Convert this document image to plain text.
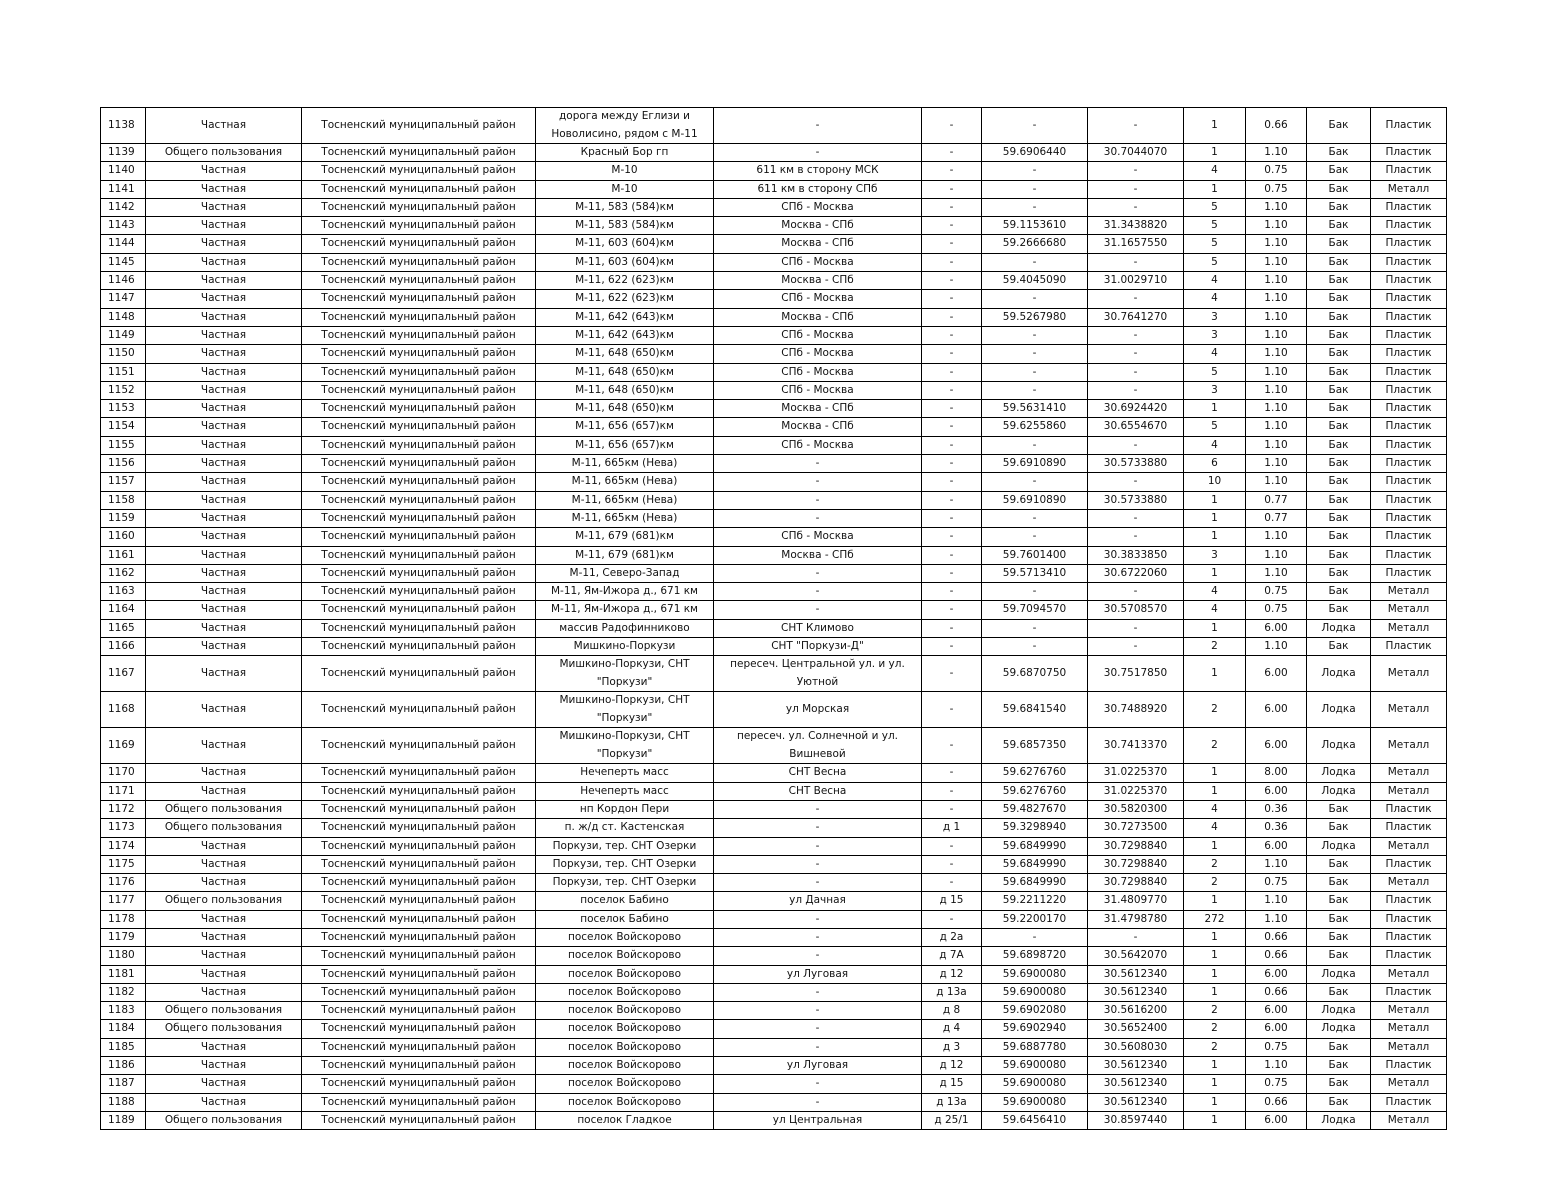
1138	Частная	Тосненский муниципальный район	дорога между Еглизи и Новолисино, рядом с М-11	-	-	-	-	1	0.66	Бак	Пластик
1139	Общего пользования	Тосненский муниципальный район	Красный Бор гп	-	-	59.6906440	30.7044070	1	1.10	Бак	Пластик
1140	Частная	Тосненский муниципальный район	М-10	611 км в сторону МСК	-	-	-	4	0.75	Бак	Пластик
1141	Частная	Тосненский муниципальный район	М-10	611 км в сторону СПб	-	-	-	1	0.75	Бак	Металл
1142	Частная	Тосненский муниципальный район	М-11, 583 (584)км	СПб - Москва	-	-	-	5	1.10	Бак	Пластик
1143	Частная	Тосненский муниципальный район	М-11, 583 (584)км	Москва - СПб	-	59.1153610	31.3438820	5	1.10	Бак	Пластик
1144	Частная	Тосненский муниципальный район	М-11, 603 (604)км	Москва - СПб	-	59.2666680	31.1657550	5	1.10	Бак	Пластик
1145	Частная	Тосненский муниципальный район	М-11, 603 (604)км	СПб - Москва	-	-	-	5	1.10	Бак	Пластик
1146	Частная	Тосненский муниципальный район	М-11, 622 (623)км	Москва - СПб	-	59.4045090	31.0029710	4	1.10	Бак	Пластик
1147	Частная	Тосненский муниципальный район	М-11, 622 (623)км	СПб - Москва	-	-	-	4	1.10	Бак	Пластик
1148	Частная	Тосненский муниципальный район	М-11, 642 (643)км	Москва - СПб	-	59.5267980	30.7641270	3	1.10	Бак	Пластик
1149	Частная	Тосненский муниципальный район	М-11, 642 (643)км	СПб - Москва	-	-	-	3	1.10	Бак	Пластик
1150	Частная	Тосненский муниципальный район	М-11, 648 (650)км	СПб - Москва	-	-	-	4	1.10	Бак	Пластик
1151	Частная	Тосненский муниципальный район	М-11, 648 (650)км	СПб - Москва	-	-	-	5	1.10	Бак	Пластик
1152	Частная	Тосненский муниципальный район	М-11, 648 (650)км	СПб - Москва	-	-	-	3	1.10	Бак	Пластик
1153	Частная	Тосненский муниципальный район	М-11, 648 (650)км	Москва - СПб	-	59.5631410	30.6924420	1	1.10	Бак	Пластик
1154	Частная	Тосненский муниципальный район	М-11, 656 (657)км	Москва - СПб	-	59.6255860	30.6554670	5	1.10	Бак	Пластик
1155	Частная	Тосненский муниципальный район	М-11, 656 (657)км	СПб - Москва	-	-	-	4	1.10	Бак	Пластик
1156	Частная	Тосненский муниципальный район	М-11, 665км (Нева)	-	-	59.6910890	30.5733880	6	1.10	Бак	Пластик
1157	Частная	Тосненский муниципальный район	М-11, 665км (Нева)	-	-	-	-	10	1.10	Бак	Пластик
1158	Частная	Тосненский муниципальный район	М-11, 665км (Нева)	-	-	59.6910890	30.5733880	1	0.77	Бак	Пластик
1159	Частная	Тосненский муниципальный район	М-11, 665км (Нева)	-	-	-	-	1	0.77	Бак	Пластик
1160	Частная	Тосненский муниципальный район	М-11, 679 (681)км	СПб - Москва	-	-	-	1	1.10	Бак	Пластик
1161	Частная	Тосненский муниципальный район	М-11, 679 (681)км	Москва - СПб	-	59.7601400	30.3833850	3	1.10	Бак	Пластик
1162	Частная	Тосненский муниципальный район	М-11, Северо-Запад	-	-	59.5713410	30.6722060	1	1.10	Бак	Пластик
1163	Частная	Тосненский муниципальный район	М-11, Ям-Ижора д., 671 км	-	-	-	-	4	0.75	Бак	Металл
1164	Частная	Тосненский муниципальный район	М-11, Ям-Ижора д., 671 км	-	-	59.7094570	30.5708570	4	0.75	Бак	Металл
1165	Частная	Тосненский муниципальный район	массив Радофинниково	СНТ Климово	-	-	-	1	6.00	Лодка	Металл
1166	Частная	Тосненский муниципальный район	Мишкино-Поркузи	СНТ "Поркузи-Д"	-	-	-	2	1.10	Бак	Пластик
1167	Частная	Тосненский муниципальный район	Мишкино-Поркузи, СНТ "Поркузи"	пересеч. Центральной ул. и ул. Уютной	-	59.6870750	30.7517850	1	6.00	Лодка	Металл
1168	Частная	Тосненский муниципальный район	Мишкино-Поркузи, СНТ "Поркузи"	ул Морская	-	59.6841540	30.7488920	2	6.00	Лодка	Металл
1169	Частная	Тосненский муниципальный район	Мишкино-Поркузи, СНТ "Поркузи"	пересеч. ул. Солнечной и ул. Вишневой	-	59.6857350	30.7413370	2	6.00	Лодка	Металл
1170	Частная	Тосненский муниципальный район	Нечеперть масс	СНТ Весна	-	59.6276760	31.0225370	1	8.00	Лодка	Металл
1171	Частная	Тосненский муниципальный район	Нечеперть масс	СНТ Весна	-	59.6276760	31.0225370	1	6.00	Лодка	Металл
1172	Общего пользования	Тосненский муниципальный район	нп Кордон Пери	-	-	59.4827670	30.5820300	4	0.36	Бак	Пластик
1173	Общего пользования	Тосненский муниципальный район	п. ж/д ст. Кастенская	-	д 1	59.3298940	30.7273500	4	0.36	Бак	Пластик
1174	Частная	Тосненский муниципальный район	Поркузи, тер. СНТ Озерки	-	-	59.6849990	30.7298840	1	6.00	Лодка	Металл
1175	Частная	Тосненский муниципальный район	Поркузи, тер. СНТ Озерки	-	-	59.6849990	30.7298840	2	1.10	Бак	Пластик
1176	Частная	Тосненский муниципальный район	Поркузи, тер. СНТ Озерки	-	-	59.6849990	30.7298840	2	0.75	Бак	Металл
1177	Общего пользования	Тосненский муниципальный район	поселок Бабино	ул Дачная	д 15	59.2211220	31.4809770	1	1.10	Бак	Пластик
1178	Частная	Тосненский муниципальный район	поселок Бабино	-	-	59.2200170	31.4798780	272	1.10	Бак	Пластик
1179	Частная	Тосненский муниципальный район	поселок Войскорово	-	д 2а	-	-	1	0.66	Бак	Пластик
1180	Частная	Тосненский муниципальный район	поселок Войскорово	-	д 7А	59.6898720	30.5642070	1	0.66	Бак	Пластик
1181	Частная	Тосненский муниципальный район	поселок Войскорово	ул Луговая	д 12	59.6900080	30.5612340	1	6.00	Лодка	Металл
1182	Частная	Тосненский муниципальный район	поселок Войскорово	-	д 13а	59.6900080	30.5612340	1	0.66	Бак	Пластик
1183	Общего пользования	Тосненский муниципальный район	поселок Войскорово	-	д 8	59.6902080	30.5616200	2	6.00	Лодка	Металл
1184	Общего пользования	Тосненский муниципальный район	поселок Войскорово	-	д 4	59.6902940	30.5652400	2	6.00	Лодка	Металл
1185	Частная	Тосненский муниципальный район	поселок Войскорово	-	д 3	59.6887780	30.5608030	2	0.75	Бак	Металл
1186	Частная	Тосненский муниципальный район	поселок Войскорово	ул Луговая	д 12	59.6900080	30.5612340	1	1.10	Бак	Пластик
1187	Частная	Тосненский муниципальный район	поселок Войскорово	-	д 15	59.6900080	30.5612340	1	0.75	Бак	Металл
1188	Частная	Тосненский муниципальный район	поселок Войскорово	-	д 13а	59.6900080	30.5612340	1	0.66	Бак	Пластик
1189	Общего пользования	Тосненский муниципальный район	поселок Гладкое	ул Центральная	д 25/1	59.6456410	30.8597440	1	6.00	Лодка	Металл
